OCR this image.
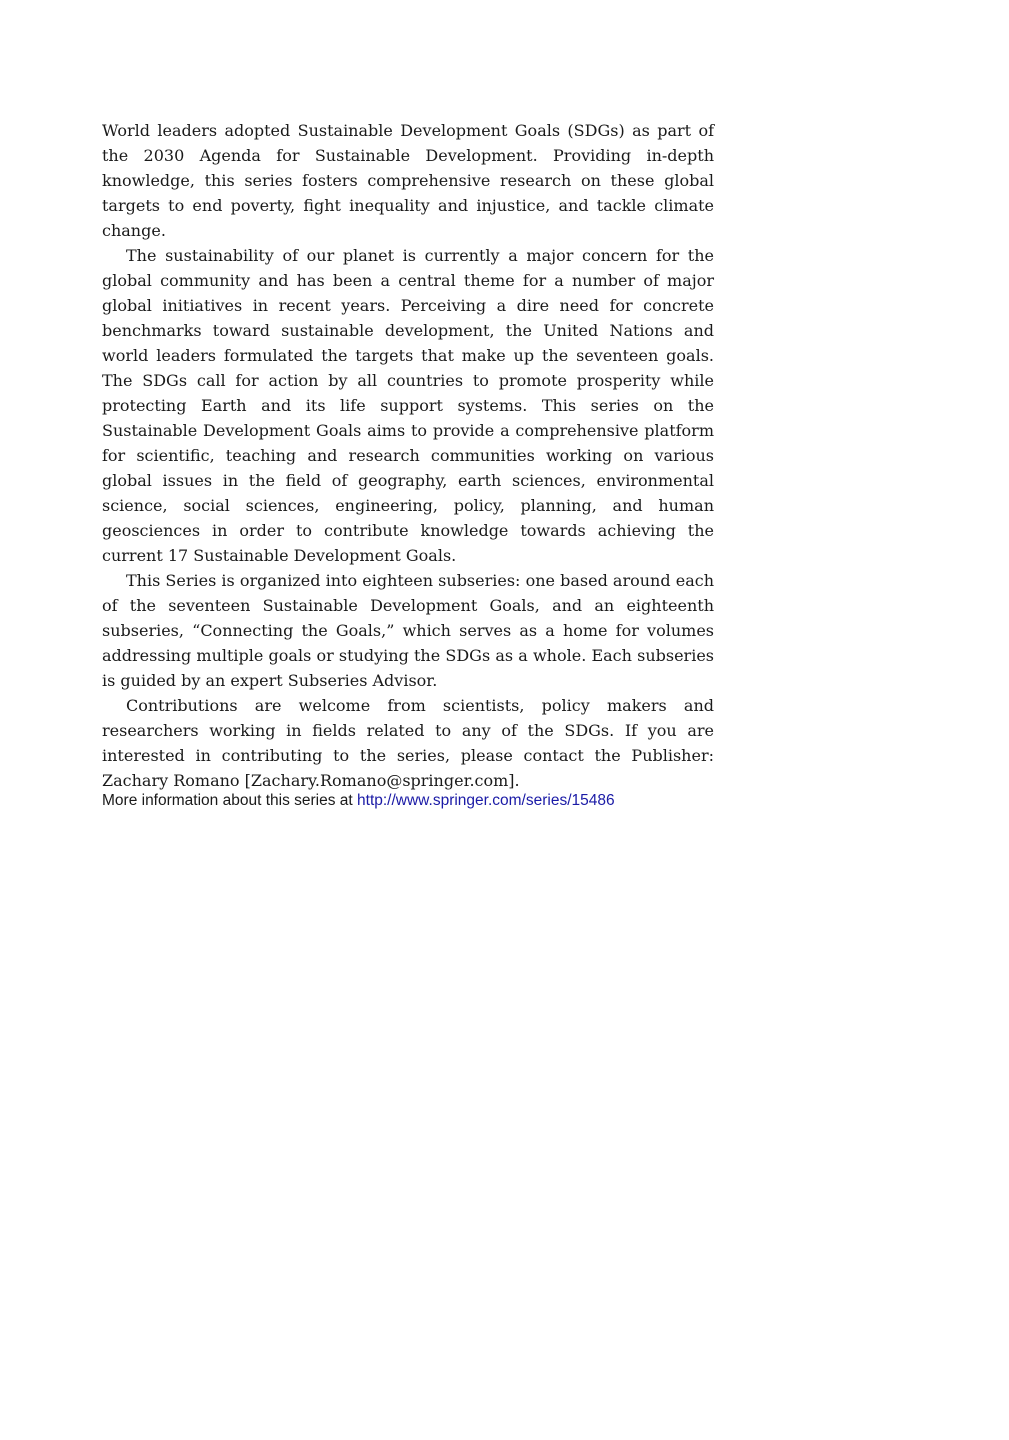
World leaders adopted Sustainable Development Goals (SDGs) as part of the 2030 Agenda for Sustainable Development. Providing in-depth knowledge, this series fosters comprehensive research on these global targets to end poverty, fight inequality and injustice, and tackle climate change.

The sustainability of our planet is currently a major concern for the global community and has been a central theme for a number of major global initiatives in recent years. Perceiving a dire need for concrete benchmarks toward sustainable development, the United Nations and world leaders formulated the targets that make up the seventeen goals. The SDGs call for action by all countries to promote prosperity while protecting Earth and its life support systems. This series on the Sustainable Development Goals aims to provide a comprehensive platform for scientific, teaching and research communities working on various global issues in the field of geography, earth sciences, environmental science, social sciences, engineering, policy, planning, and human geosciences in order to contribute knowledge towards achieving the current 17 Sustainable Development Goals.

This Series is organized into eighteen subseries: one based around each of the seventeen Sustainable Development Goals, and an eighteenth subseries, “Connecting the Goals,” which serves as a home for volumes addressing multiple goals or studying the SDGs as a whole. Each subseries is guided by an expert Subseries Advisor.

Contributions are welcome from scientists, policy makers and researchers working in fields related to any of the SDGs. If you are interested in contributing to the series, please contact the Publisher: Zachary Romano [Zachary.Romano@springer.com].

More information about this series at http://www.springer.com/series/15486
